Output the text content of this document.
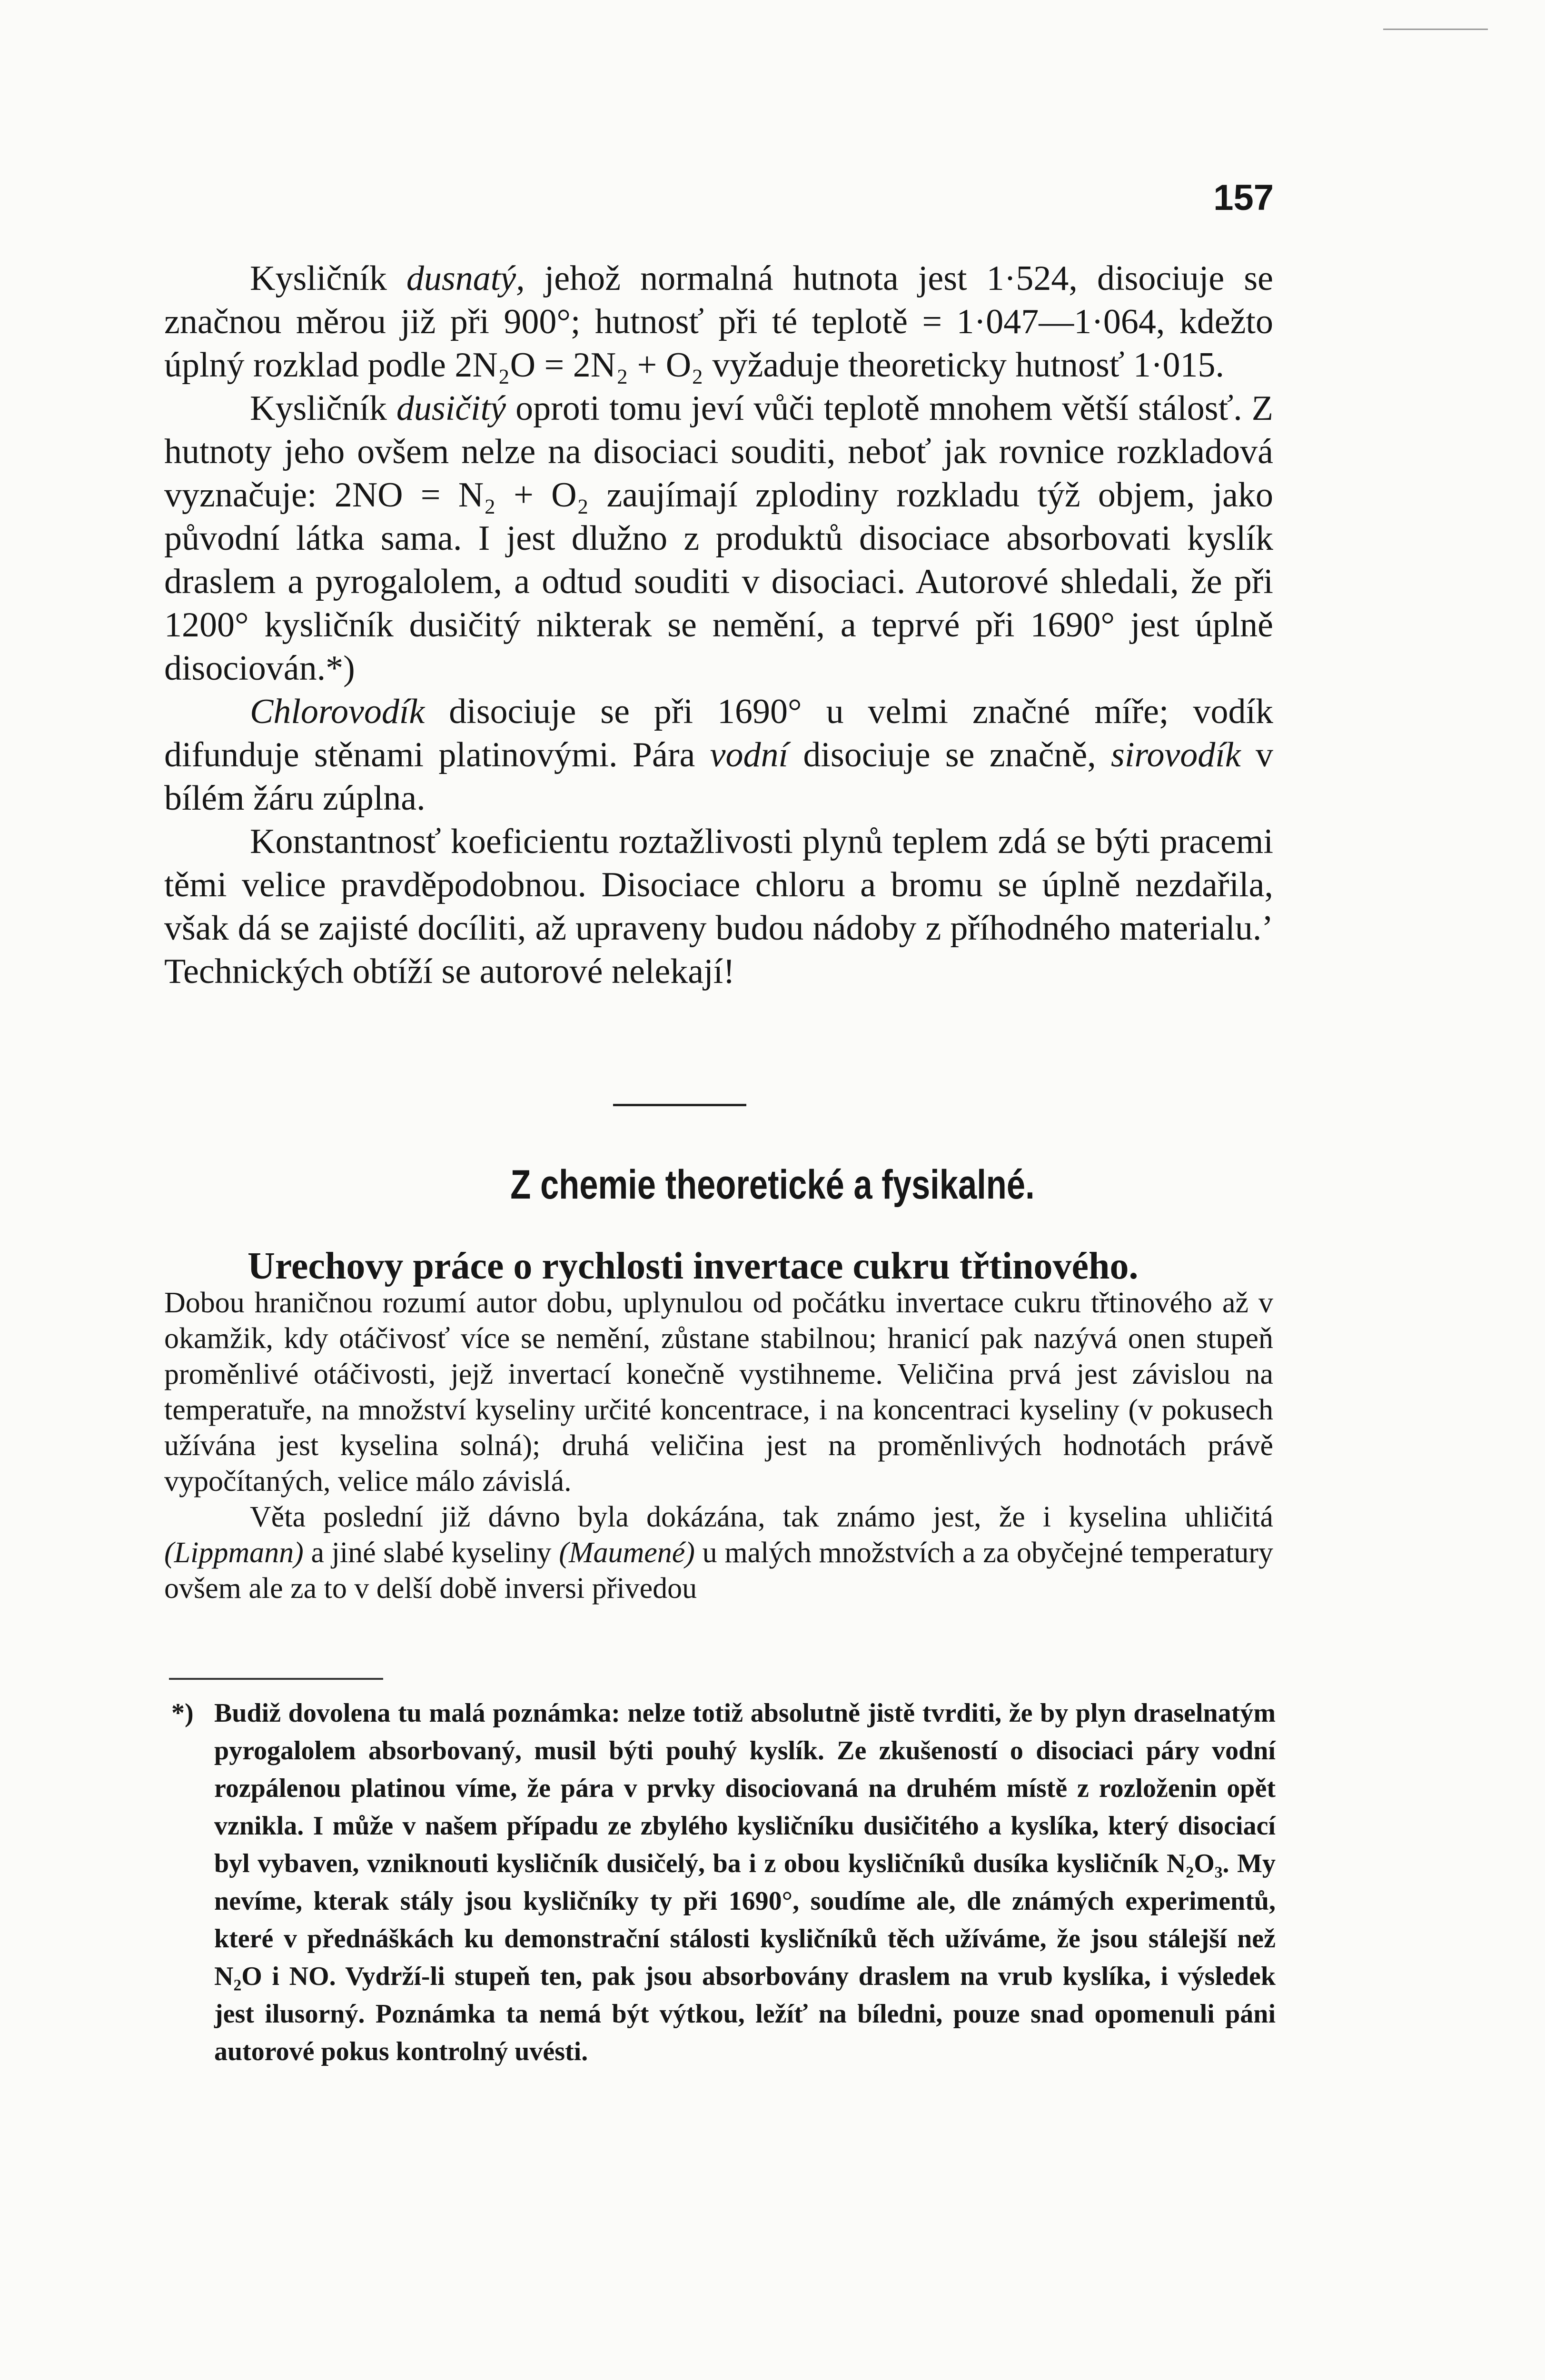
157

Kysličník dusnatý, jehož normalná hutnota jest 1·524, disociuje se značnou měrou již při 900°; hutnosť při té teplotě = 1·047—1·064, kdežto úplný rozklad podle 2N₂O = 2N₂ + O₂ vyžaduje theoreticky hutnosť 1·015.

Kysličník dusičitý oproti tomu jeví vůči teplotě mnohem větší stálosť. Z hutnoty jeho ovšem nelze na disociaci souditi, neboť jak rovnice rozkladová vyznačuje: 2NO = N₂ + O₂ zaujímají zplodiny rozkladu týž objem, jako původní látka sama. I jest dlužno z produktů disociace absorbovati kyslík draslem a pyrogalolem, a odtud souditi v disociaci. Autorové shledali, že při 1200° kysličník dusičitý nikterak se nemění, a teprvé při 1690° jest úplně disociován.*)

Chlorovodík disociuje se při 1690° u velmi značné míře; vodík difunduje stěnami platinovými. Pára vodní disociuje se značně, sirovodík v bílém žáru zúplna.

Konstantnosť koeficientu roztažlivosti plynů teplem zdá se býti pracemi těmi velice pravděpodobnou. Disociace chloru a bromu se úplně nezdařila, však dá se zajisté docíliti, až upraveny budou nádoby z příhodného materialu.’ Technických obtíží se autorové nelekají!

Z chemie theoretické a fysikalné.
Urechovy práce o rychlosti invertace cukru třtinového.

Dobou hraničnou rozumí autor dobu, uplynulou od počátku invertace cukru třtinového až v okamžik, kdy otáčivosť více se nemění, zůstane stabilnou; hranicí pak nazývá onen stupeň proměnlivé otáčivosti, jejž invertací konečně vystihneme. Veličina prvá jest závislou na temperatuře, na množství kyseliny určité koncentrace, i na koncentraci kyseliny (v pokusech užívána jest kyselina solná); druhá veličina jest na proměnlivých hodnotách právě vypočítaných, velice málo závislá.

Věta poslední již dávno byla dokázána, tak známo jest, že i kyselina uhličitá (Lippmann) a jiné slabé kyseliny (Maumené) u malých množstvích a za obyčejné temperatury ovšem ale za to v delší době inversi přivedou

*) Budiž dovolena tu malá poznámka: nelze totiž absolutně jistě tvrditi, že by plyn draselnatým pyrogalolem absorbovaný, musil býti pouhý kyslík. Ze zkušeností o disociaci páry vodní rozpálenou platinou víme, že pára v prvky disociovaná na druhém místě z rozloženin opět vznikla. I může v našem případu ze zbylého kysličníku dusičitého a kyslíka, který disociací byl vybaven, vzniknouti kysličník dusičelý, ba i z obou kysličníků dusíka kysličník N₂O₃. My nevíme, kterak stály jsou kysličníky ty při 1690°, soudíme ale, dle známých experimentů, které v přednáškách ku demonstrační stálosti kysličníků těch užíváme, že jsou stálejší než N₂O i NO. Vydrží-li stupeň ten, pak jsou absorbovány draslem na vrub kyslíka, i výsledek jest ilusorný. Poznámka ta nemá být výtkou, ležíť na bíledni, pouze snad opomenuli páni autorové pokus kontrolný uvésti.
